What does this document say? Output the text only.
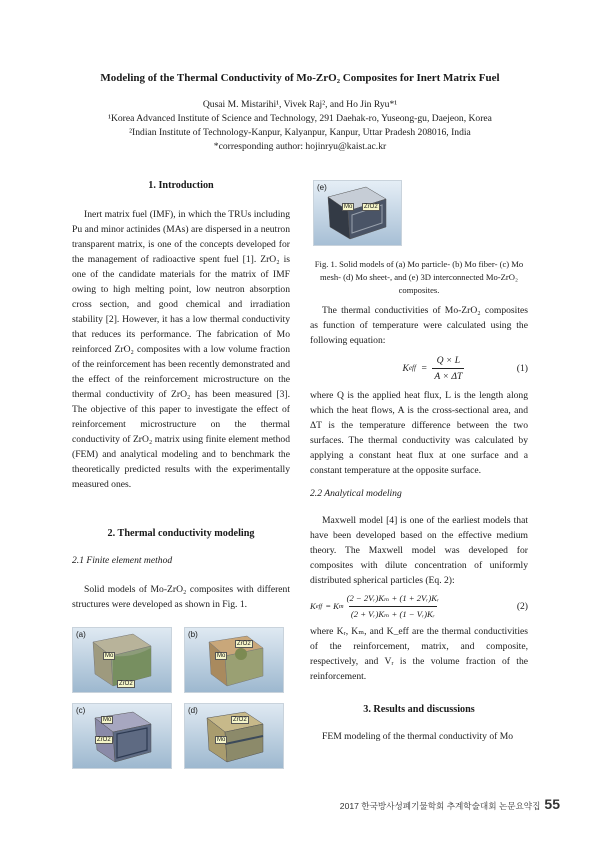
Modeling of the Thermal Conductivity of Mo-ZrO₂ Composites for Inert Matrix Fuel
Qusai M. Mistarihi¹, Vivek Raj², and Ho Jin Ryu*¹
¹Korea Advanced Institute of Science and Technology, 291 Daehak-ro, Yuseong-gu, Daejeon, Korea
²Indian Institute of Technology-Kanpur, Kalyanpur, Kanpur, Uttar Pradesh 208016, India
*corresponding author: hojinryu@kaist.ac.kr
1. Introduction

Inert matrix fuel (IMF), in which the TRUs including Pu and minor actinides (MAs) are dispersed in a neutron transparent matrix, is one of the concepts developed for the management of radioactive spent fuel [1]. ZrO₂ is one of the candidate materials for the matrix of IMF owing to high melting point, low neutron absorption cross section, and good chemical and irradiation stability [2]. However, it has a low thermal conductivity that reduces its performance. The fabrication of Mo reinforced ZrO₂ composites with a low volume fraction of the reinforcement has been recently demonstrated and the effect of the reinforcement microstructure on the thermal conductivity of ZrO₂ has been measured [3]. The objective of this paper to investigate the effect of reinforcement microstructure on the thermal conductivity of ZrO₂ matrix using finite element method (FEM) and analytical modeling and to benchmark the theoretically predicted results with the experimentally measured ones.

2. Thermal conductivity modeling
2.1 Finite element method

Solid models of Mo-ZrO₂ composites with different structures were developed as shown in Fig. 1.

(a)
Mo
ZrO2
(b)
ZrO2
Mo
(c)
Mo
ZrO2
(d)
ZrO2
Mo
(e)
Mo	ZrO2
Fig. 1. Solid models of (a) Mo particle- (b) Mo fiber- (c) Mo mesh- (d) Mo sheet-, and (e) 3D interconnected Mo-ZrO₂ composites.

The thermal conductivities of Mo-ZrO₂ composites as function of temperature were calculated using the following equation:

K eff = $\frac{Q \times L}{A \times \Delta T}$	(1)

where Q is the applied heat flux, L is the length along which the heat flows, A is the cross-sectional area, and ΔT is the temperature difference between the two surfaces. The thermal conductivity was calculated by applying a constant heat flux at one surface and a constant temperature at the opposite surface.

2.2 Analytical modeling

Maxwell model [4] is one of the earliest models that have been developed based on the effective medium theory. The Maxwell model was developed for composites with dilute concentration of uniformly distributed spherical particles (Eq. 2):

K eff = K m
(2 − 2Vᵣ)Kₘ + (1 + 2Vᵣ)Kᵣ
(2 + Vᵣ)Kₘ + (1 − Vᵣ)Kᵣ
(2)

where Kᵣ, Kₘ, and K_eff are the thermal conductivities of the reinforcement, matrix, and composite, respectively, and Vᵣ is the volume fraction of the reinforcement.

3. Results and discussions

FEM modeling of the thermal conductivity of Mo

2017 한국방사성폐기물학회 추계학술대회 논문요약집 55
